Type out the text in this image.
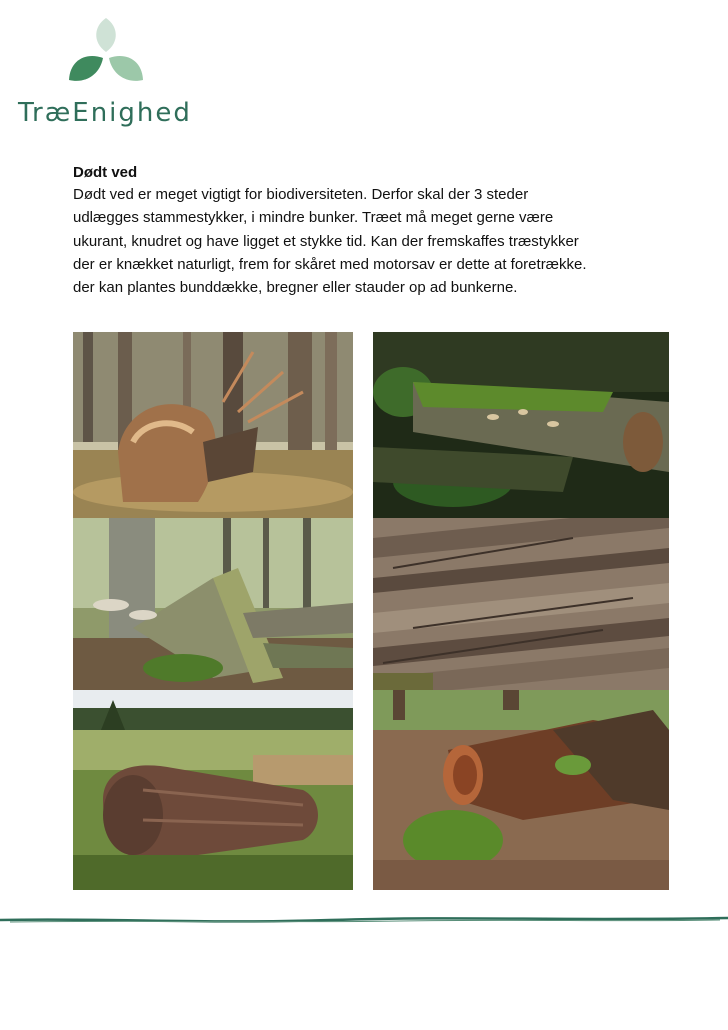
TræEnighed

Dødt ved

Dødt ved er meget vigtigt for biodiversiteten. Derfor skal der 3 steder
udlægges stammestykker, i mindre bunker. Træet må meget gerne være
ukurant, knudret og have ligget et stykke tid. Kan der fremskaffes træstykker
der er knækket naturligt, frem for skåret med motorsav er dette at foretrække.
der kan plantes bunddække, bregner eller stauder op ad bunkerne.
